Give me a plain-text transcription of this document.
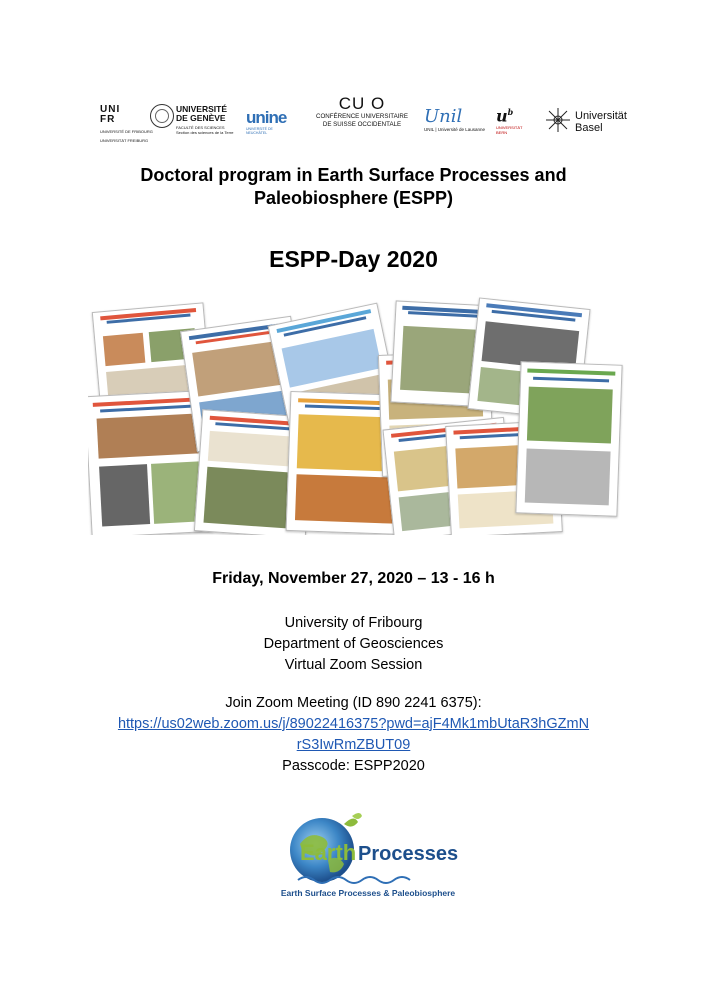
UNI
FR
UNIVERSITÉ DE FRIBOURG
UNIVERSITÄT FREIBURG
UNIVERSITÉ
DE GENÈVE
FACULTÉ DES SCIENCES
Section des sciences de la Terre
unine
UNIVERSITÉ DE
NEUCHÂTEL
CU O
CONFÉRENCE UNIVERSITAIRE
DE SUISSE OCCIDENTALE	Unil
UNIL | Université de Lausanne
$u^b$
UNIVERSITÄT
BERN
Universität
Basel
Doctoral program in Earth Surface Processes and
Paleobiosphere (ESPP)
ESPP-Day 2020
Friday, November 27, 2020 – 13 - 16 h
University of Fribourg
Department of Geosciences
Virtual Zoom Session
Join Zoom Meeting (ID 890 2241 6375):
https://us02web.zoom.us/j/89022416375?pwd=ajF4Mk1mbUtaR3hGZmN
rS3IwRmZBUT09
Passcode: ESPP2020
Earth Processes
Earth Surface Processes & Paleobiosphere
